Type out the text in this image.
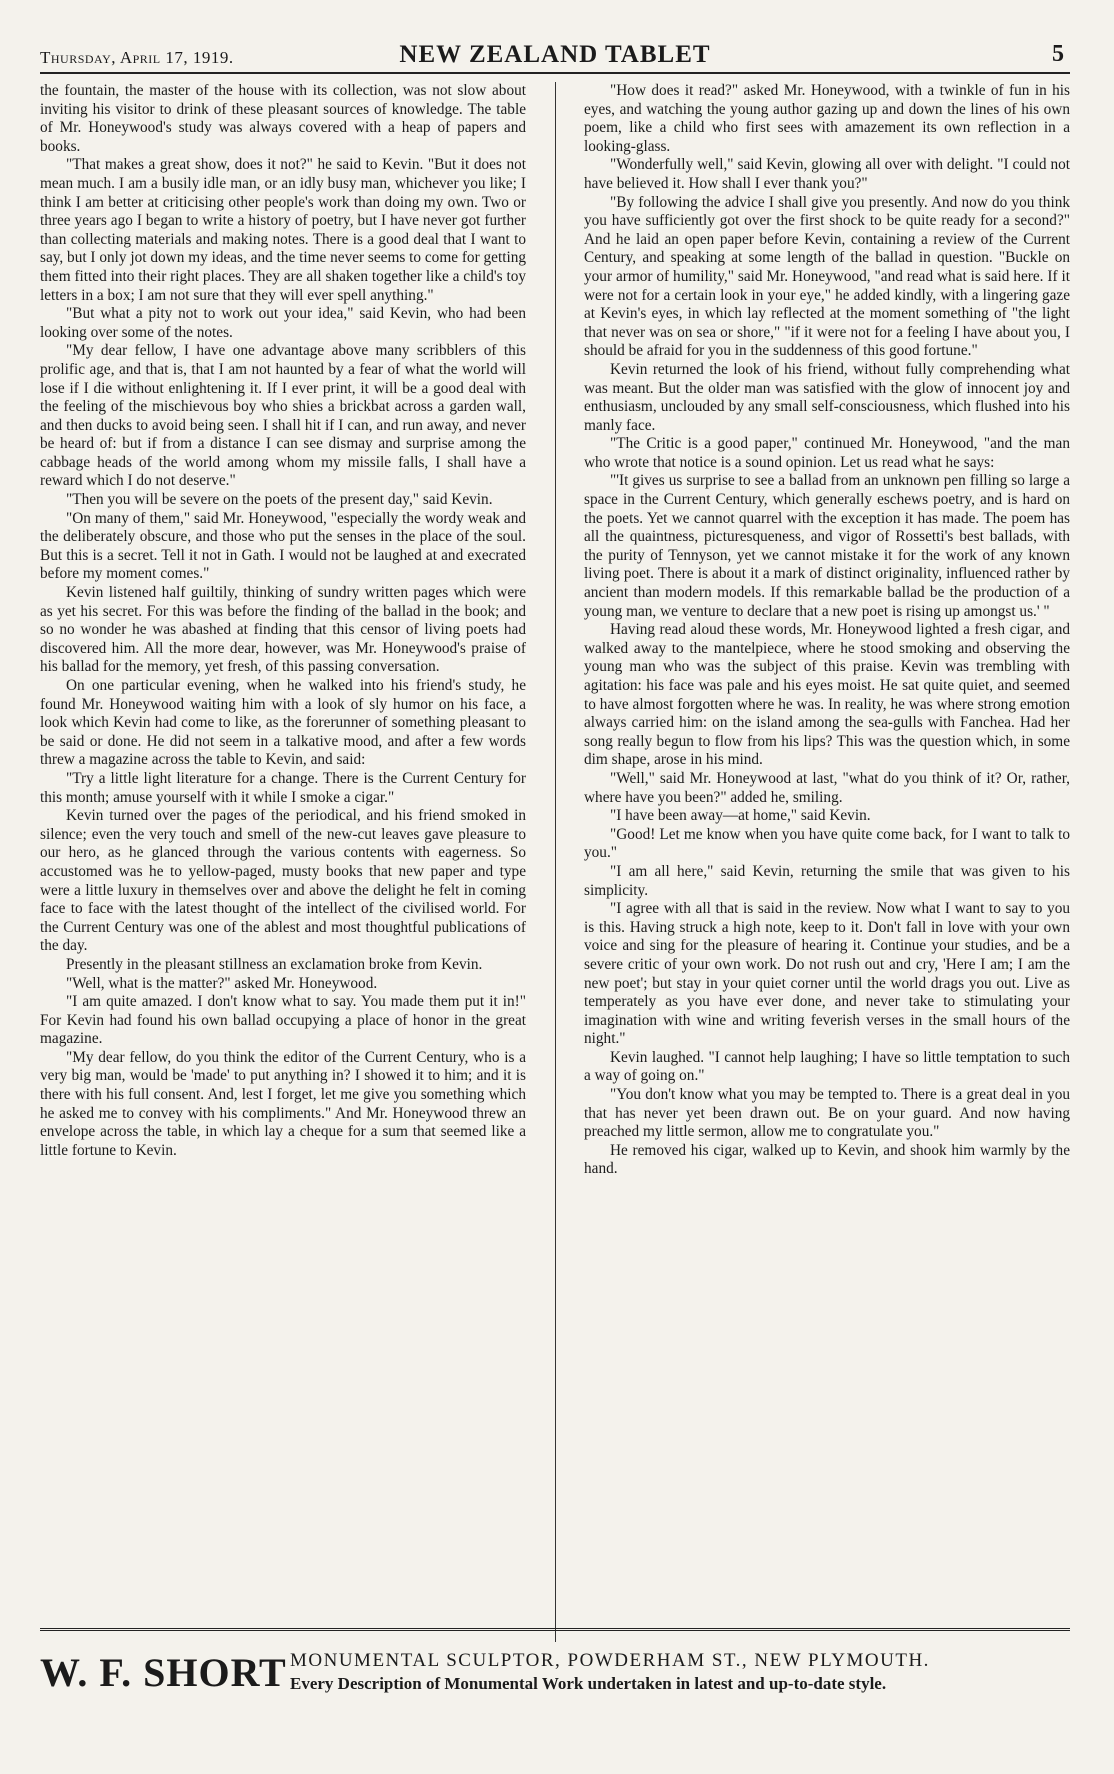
Thursday, April 17, 1919.	NEW ZEALAND TABLET	5

the fountain, the master of the house with its collection, was not slow about inviting his visitor to drink of these pleasant sources of knowledge. The table of Mr. Honeywood's study was always covered with a heap of papers and books.

"That makes a great show, does it not?" he said to Kevin. "But it does not mean much. I am a busily idle man, or an idly busy man, whichever you like; I think I am better at criticising other people's work than doing my own. Two or three years ago I began to write a history of poetry, but I have never got further than collecting materials and making notes. There is a good deal that I want to say, but I only jot down my ideas, and the time never seems to come for getting them fitted into their right places. They are all shaken together like a child's toy letters in a box; I am not sure that they will ever spell anything."

"But what a pity not to work out your idea," said Kevin, who had been looking over some of the notes.

"My dear fellow, I have one advantage above many scribblers of this prolific age, and that is, that I am not haunted by a fear of what the world will lose if I die without enlightening it. If I ever print, it will be a good deal with the feeling of the mischievous boy who shies a brickbat across a garden wall, and then ducks to avoid being seen. I shall hit if I can, and run away, and never be heard of: but if from a distance I can see dismay and surprise among the cabbage heads of the world among whom my missile falls, I shall have a reward which I do not deserve."

"Then you will be severe on the poets of the present day," said Kevin.

"On many of them," said Mr. Honeywood, "especially the wordy weak and the deliberately obscure, and those who put the senses in the place of the soul. But this is a secret. Tell it not in Gath. I would not be laughed at and execrated before my moment comes."

Kevin listened half guiltily, thinking of sundry written pages which were as yet his secret. For this was before the finding of the ballad in the book; and so no wonder he was abashed at finding that this censor of living poets had discovered him. All the more dear, however, was Mr. Honeywood's praise of his ballad for the memory, yet fresh, of this passing conversation.

On one particular evening, when he walked into his friend's study, he found Mr. Honeywood waiting him with a look of sly humor on his face, a look which Kevin had come to like, as the forerunner of something pleasant to be said or done. He did not seem in a talkative mood, and after a few words threw a magazine across the table to Kevin, and said:

"Try a little light literature for a change. There is the Current Century for this month; amuse yourself with it while I smoke a cigar."

Kevin turned over the pages of the periodical, and his friend smoked in silence; even the very touch and smell of the new-cut leaves gave pleasure to our hero, as he glanced through the various contents with eagerness. So accustomed was he to yellow-paged, musty books that new paper and type were a little luxury in themselves over and above the delight he felt in coming face to face with the latest thought of the intellect of the civilised world. For the Current Century was one of the ablest and most thoughtful publications of the day.

Presently in the pleasant stillness an exclamation broke from Kevin.

"Well, what is the matter?" asked Mr. Honeywood.

"I am quite amazed. I don't know what to say. You made them put it in!" For Kevin had found his own ballad occupying a place of honor in the great magazine.

"My dear fellow, do you think the editor of the Current Century, who is a very big man, would be 'made' to put anything in? I showed it to him; and it is there with his full consent. And, lest I forget, let me give you something which he asked me to convey with his compliments." And Mr. Honeywood threw an envelope across the table, in which lay a cheque for a sum that seemed like a little fortune to Kevin.

"How does it read?" asked Mr. Honeywood, with a twinkle of fun in his eyes, and watching the young author gazing up and down the lines of his own poem, like a child who first sees with amazement its own reflection in a looking-glass.

"Wonderfully well," said Kevin, glowing all over with delight. "I could not have believed it. How shall I ever thank you?"

"By following the advice I shall give you presently. And now do you think you have sufficiently got over the first shock to be quite ready for a second?" And he laid an open paper before Kevin, containing a review of the Current Century, and speaking at some length of the ballad in question. "Buckle on your armor of humility," said Mr. Honeywood, "and read what is said here. If it were not for a certain look in your eye," he added kindly, with a lingering gaze at Kevin's eyes, in which lay reflected at the moment something of "the light that never was on sea or shore," "if it were not for a feeling I have about you, I should be afraid for you in the suddenness of this good fortune."

Kevin returned the look of his friend, without fully comprehending what was meant. But the older man was satisfied with the glow of innocent joy and enthusiasm, unclouded by any small self-consciousness, which flushed into his manly face.

"The Critic is a good paper," continued Mr. Honeywood, "and the man who wrote that notice is a sound opinion. Let us read what he says:

"'It gives us surprise to see a ballad from an unknown pen filling so large a space in the Current Century, which generally eschews poetry, and is hard on the poets. Yet we cannot quarrel with the exception it has made. The poem has all the quaintness, picturesqueness, and vigor of Rossetti's best ballads, with the purity of Tennyson, yet we cannot mistake it for the work of any known living poet. There is about it a mark of distinct originality, influenced rather by ancient than modern models. If this remarkable ballad be the production of a young man, we venture to declare that a new poet is rising up amongst us.' "

Having read aloud these words, Mr. Honeywood lighted a fresh cigar, and walked away to the mantelpiece, where he stood smoking and observing the young man who was the subject of this praise. Kevin was trembling with agitation: his face was pale and his eyes moist. He sat quite quiet, and seemed to have almost forgotten where he was. In reality, he was where strong emotion always carried him: on the island among the sea-gulls with Fanchea. Had her song really begun to flow from his lips? This was the question which, in some dim shape, arose in his mind.

"Well," said Mr. Honeywood at last, "what do you think of it? Or, rather, where have you been?" added he, smiling.

"I have been away—at home," said Kevin.

"Good! Let me know when you have quite come back, for I want to talk to you."

"I am all here," said Kevin, returning the smile that was given to his simplicity.

"I agree with all that is said in the review. Now what I want to say to you is this. Having struck a high note, keep to it. Don't fall in love with your own voice and sing for the pleasure of hearing it. Continue your studies, and be a severe critic of your own work. Do not rush out and cry, 'Here I am; I am the new poet'; but stay in your quiet corner until the world drags you out. Live as temperately as you have ever done, and never take to stimulating your imagination with wine and writing feverish verses in the small hours of the night."

Kevin laughed. "I cannot help laughing; I have so little temptation to such a way of going on."

"You don't know what you may be tempted to. There is a great deal in you that has never yet been drawn out. Be on your guard. And now having preached my little sermon, allow me to congratulate you."

He removed his cigar, walked up to Kevin, and shook him warmly by the hand.

W. F. SHORT MONUMENTAL SCULPTOR, POWDERHAM ST., NEW PLYMOUTH.
Every Description of Monumental Work undertaken in latest and up-to-date style.
